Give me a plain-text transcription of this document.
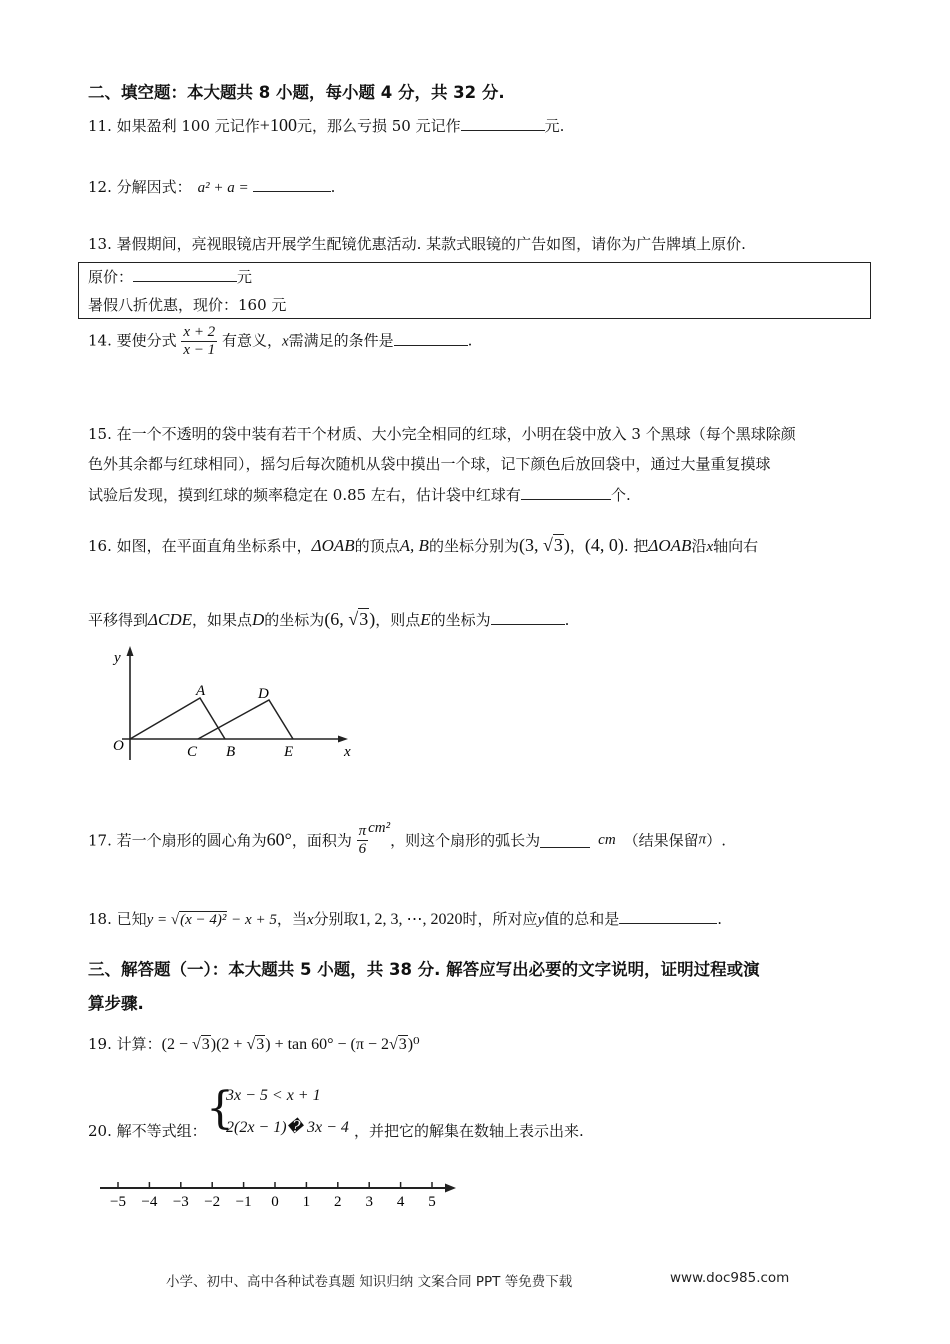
二、填空题：本大题共 8 小题，每小题 4 分，共 32 分.
11. 如果盈利 100 元记作+100元，那么亏损 50 元记作	元.
12. 分解因式： a² + a =	.
13. 暑假期间，亮视眼镜店开展学生配镜优惠活动. 某款式眼镜的广告如图，请你为广告牌填上原价.
原价：	元
暑假八折优惠，现价：160 元
14. 要使分式 $\frac{x + 2}{x - 1}$ 有意义，x需满足的条件是	.
15. 在一个不透明的袋中装有若干个材质、大小完全相同的红球，小明在袋中放入 3 个黑球（每个黑球除颜
色外其余都与红球相同），摇匀后每次随机从袋中摸出一个球，记下颜色后放回袋中，通过大量重复摸球
试验后发现，摸到红球的频率稳定在 0.85 左右，估计袋中红球有	个.
16. 如图，在平面直角坐标系中，ΔOAB的顶点A, B的坐标分别为(3, √3)，(4, 0). 把ΔOAB沿x轴向右
平移得到ΔCDE，如果点D的坐标为(6, √3)，则点E的坐标为	.
y
x
O
A
B
C
D
E
17. 若一个扇形的圆心角为60°，面积为 $\frac{\pi}{6} cm^2$，则这个扇形的弧长为	cm （结果保留π）.
18. 已知y = √(x − 4)² − x + 5，当x分别取1, 2, 3, ⋯, 2020时，所对应y值的总和是	.
三、解答题（一）：本大题共 5 小题，共 38 分. 解答应写出必要的文字说明，证明过程或演
算步骤.
19. 计算：(2 − √3)(2 + √3) + tan 60° − (π − 2√3)⁰
20. 解不等式组： {
3x − 5 < x + 1
2(2x − 1)� 3x − 4 ，并把它的解集在数轴上表示出来.
−5 −4 −3 −2 −1 0 1 2 3 4 5
小学、初中、高中各种试卷真题 知识归纳 文案合同 PPT 等免费下载	www.doc985.com
